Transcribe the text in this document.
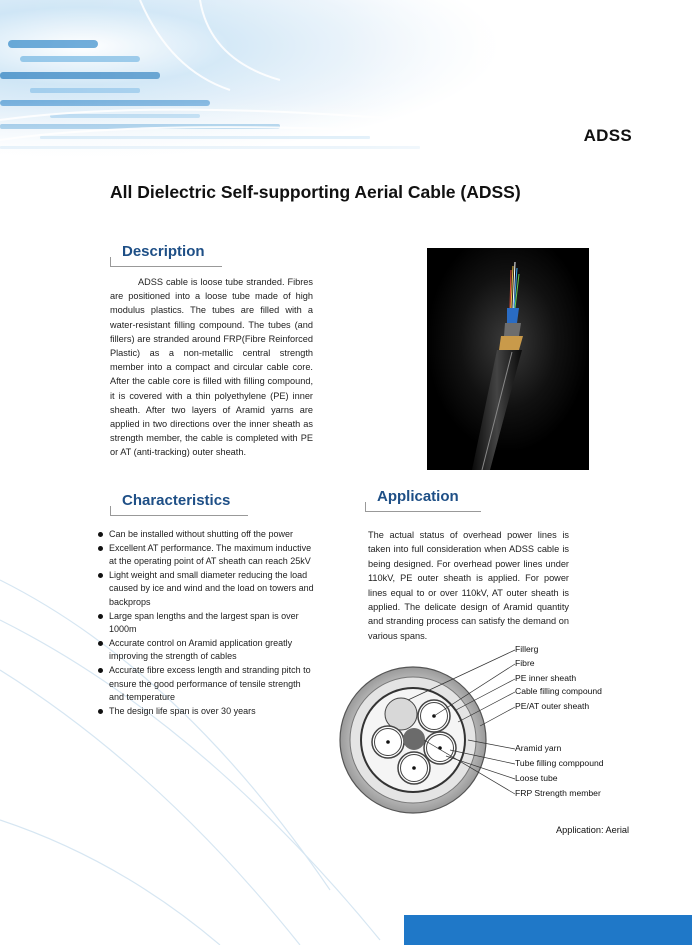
ADSS
All Dielectric Self-supporting Aerial Cable (ADSS)
Description
ADSS cable is loose tube stranded. Fibres are positioned into a loose tube made of high modulus plastics. The tubes are filled with a water-resistant filling compound. The tubes (and fillers) are stranded around FRP(Fibre Reinforced Plastic) as a non-metallic central strength member into a compact and circular cable core. After the cable core is filled with filling compound, it is covered with a thin polyethylene (PE) inner sheath. After two layers of Aramid yarns are applied in two directions over the inner sheath as strength member, the cable is completed with PE or AT (anti-tracking) outer sheath.
Characteristics
Can be installed without shutting off the power
Excellent AT performance. The maximum inductive at the operating point of AT sheath can reach 25kV
Light weight and small diameter reducing the load caused by ice and wind and the load on towers and backprops
Large span lengths and the largest span is over 1000m
Accurate control on Aramid application greatly improving the strength of cables
Accurate fibre excess length and stranding pitch to ensure the good performance of tensile strength and temperature
The design life span is over 30 years
Application
The actual status of overhead power lines is taken into full consideration when ADSS cable is being designed. For overhead power lines under 110kV, PE outer sheath is applied. For power lines equal to or over 110kV, AT outer sheath is applied. The delicate design of Aramid quantity and stranding process can satisfy the demand on various spans.
Fillerg
Fibre
PE inner sheath
Cable filling compound
PE/AT outer sheath
Aramid yarn
Tube filling comppound
Loose tube
FRP Strength member
Application: Aerial
